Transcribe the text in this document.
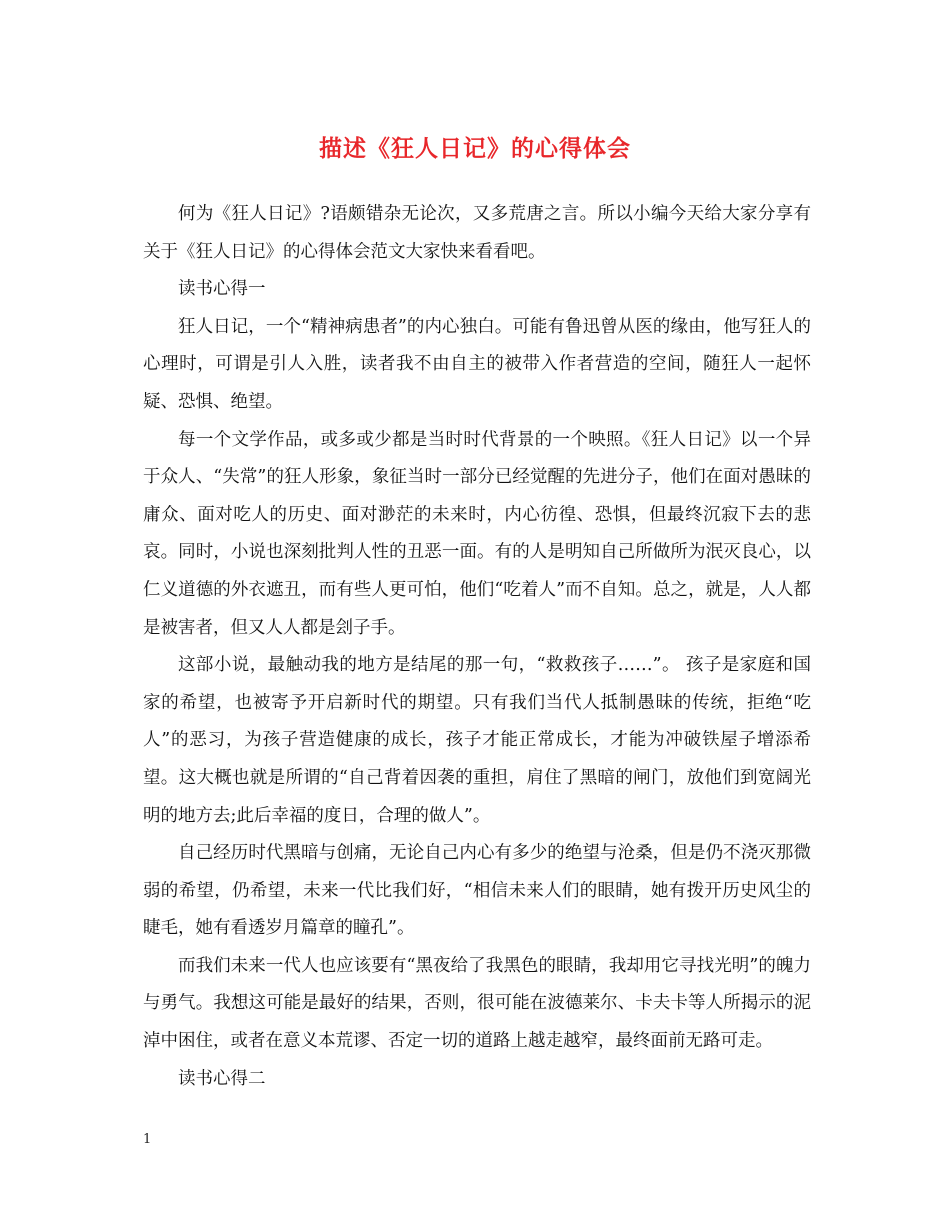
描述《狂人日记》的心得体会

何为《狂人日记》?语颇错杂无论次，又多荒唐之言。所以小编今天给大家分享有关于《狂人日记》的心得体会范文大家快来看看吧。

读书心得一

狂人日记，一个“精神病患者”的内心独白。可能有鲁迅曾从医的缘由，他写狂人的心理时，可谓是引人入胜，读者我不由自主的被带入作者营造的空间，随狂人一起怀疑、恐惧、绝望。

每一个文学作品，或多或少都是当时时代背景的一个映照。《狂人日记》以一个异于众人、“失常”的狂人形象，象征当时一部分已经觉醒的先进分子，他们在面对愚昧的庸众、面对吃人的历史、面对渺茫的未来时，内心彷徨、恐惧，但最终沉寂下去的悲哀。同时，小说也深刻批判人性的丑恶一面。有的人是明知自己所做所为泯灭良心，以仁义道德的外衣遮丑，而有些人更可怕，他们“吃着人”而不自知。总之，就是，人人都是被害者，但又人人都是刽子手。

这部小说，最触动我的地方是结尾的那一句，“救救孩子……”。 孩子是家庭和国家的希望，也被寄予开启新时代的期望。只有我们当代人抵制愚昧的传统，拒绝“吃人”的恶习，为孩子营造健康的成长，孩子才能正常成长，才能为冲破铁屋子增添希望。这大概也就是所谓的“自己背着因袭的重担，肩住了黑暗的闸门，放他们到宽阔光明的地方去;此后幸福的度日，合理的做人”。

自己经历时代黑暗与创痛，无论自己内心有多少的绝望与沧桑，但是仍不浇灭那微弱的希望，仍希望，未来一代比我们好，“相信未来人们的眼睛，她有拨开历史风尘的睫毛，她有看透岁月篇章的瞳孔”。

而我们未来一代人也应该要有“黑夜给了我黑色的眼睛，我却用它寻找光明”的魄力与勇气。我想这可能是最好的结果，否则，很可能在波德莱尔、卡夫卡等人所揭示的泥淖中困住，或者在意义本荒谬、否定一切的道路上越走越窄，最终面前无路可走。

读书心得二

1
